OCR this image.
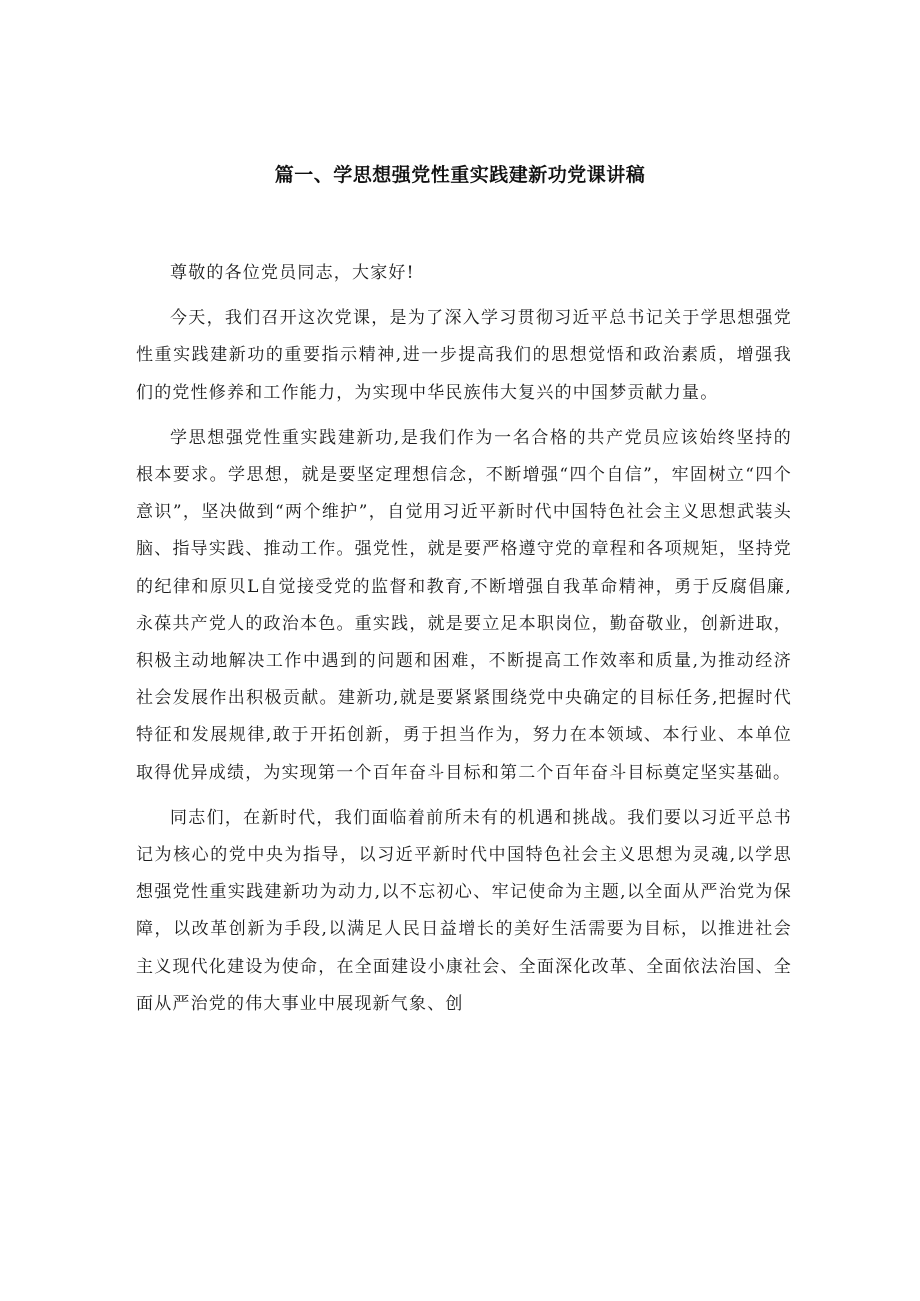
篇一、学思想强党性重实践建新功党课讲稿

尊敬的各位党员同志，大家好!

今天，我们召开这次党课，是为了深入学习贯彻习近平总书记关于学思想强党性重实践建新功的重要指示精神,进一步提高我们的思想觉悟和政治素质，增强我们的党性修养和工作能力，为实现中华民族伟大复兴的中国梦贡献力量。

学思想强党性重实践建新功,是我们作为一名合格的共产党员应该始终坚持的根本要求。学思想，就是要坚定理想信念，不断增强“四个自信”，牢固树立“四个意识”，坚决做到“两个维护”，自觉用习近平新时代中国特色社会主义思想武装头脑、指导实践、推动工作。强党性，就是要严格遵守党的章程和各项规矩，坚持党的纪律和原贝L自觉接受党的监督和教育,不断增强自我革命精神，勇于反腐倡廉,永葆共产党人的政治本色。重实践，就是要立足本职岗位，勤奋敬业，创新进取，积极主动地解决工作中遇到的问题和困难，不断提高工作效率和质量,为推动经济社会发展作出积极贡献。建新功,就是要紧紧围绕党中央确定的目标任务,把握时代特征和发展规律,敢于开拓创新，勇于担当作为，努力在本领域、本行业、本单位取得优异成绩，为实现第一个百年奋斗目标和第二个百年奋斗目标奠定坚实基础。

同志们，在新时代，我们面临着前所未有的机遇和挑战。我们要以习近平总书记为核心的党中央为指导，以习近平新时代中国特色社会主义思想为灵魂,以学思想强党性重实践建新功为动力,以不忘初心、牢记使命为主题,以全面从严治党为保障，以改革创新为手段,以满足人民日益增长的美好生活需要为目标，以推进社会主义现代化建设为使命，在全面建设小康社会、全面深化改革、全面依法治国、全面从严治党的伟大事业中展现新气象、创
